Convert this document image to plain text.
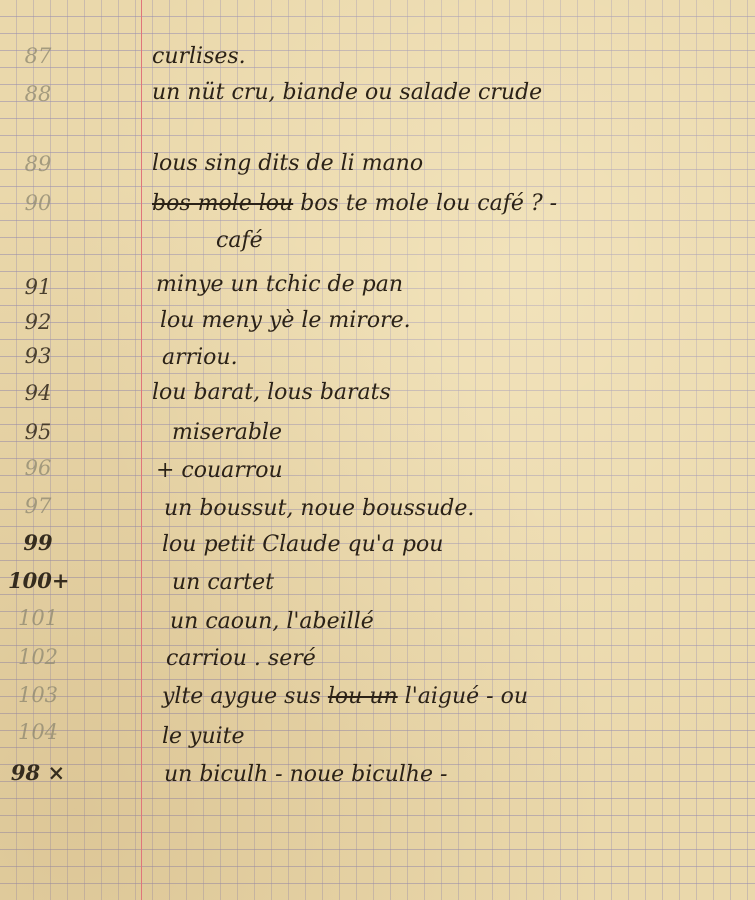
87
88
89
90
91
92
93
94
95
96
97
99
100+
101
102
103
104
98 ×
curlises.
un nüt cru, biande ou salade crude
lous sing dits de li mano
bos mole lou bos te mole lou café ? -
café
minye un tchic de pan
lou meny yè le mirore.
arriou.
lou barat, lous barats
miserable
+ couarrou
un boussut, noue boussude.
lou petit Claude qu'a pou
un cartet
un caoun, l'abeillé
carriou . seré
ylte aygue sus lou un l'aigué - ou
le yuite
un biculh - noue biculhe -
